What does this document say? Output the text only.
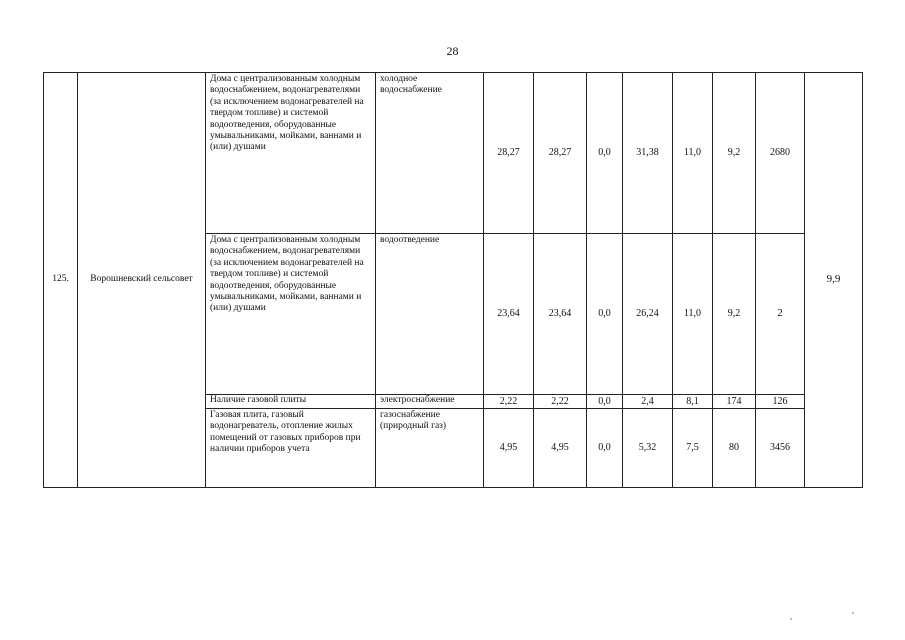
28
125.	Ворошневский сельсовет	Дома с централизованным холодным водоснабжением, водонагревателями (за исключением водонагревателей на твердом топливе) и системой водоотведения, оборудованные умывальниками, мойками, ваннами и (или) душами	холодное водоснабжение	28,27	28,27	0,0	31,38	11,0	9,2	2680	9,9
		Дома с централизованным холодным водоснабжением, водонагревателями (за исключением водонагревателей на твердом топливе) и системой водоотведения, оборудованные умывальниками, мойками, ваннами и (или) душами	водоотведение	23,64	23,64	0,0	26,24	11,0	9,2	2	
		Наличие газовой плиты	электроснабжение	2,22	2,22	0,0	2,4	8,1	174	126	
		Газовая плита, газовый водонагреватель, отопление жилых помещений от газовых приборов при наличии приборов учета	газоснабжение (природный газ)	4,95	4,95	0,0	5,32	7,5	80	3456	
